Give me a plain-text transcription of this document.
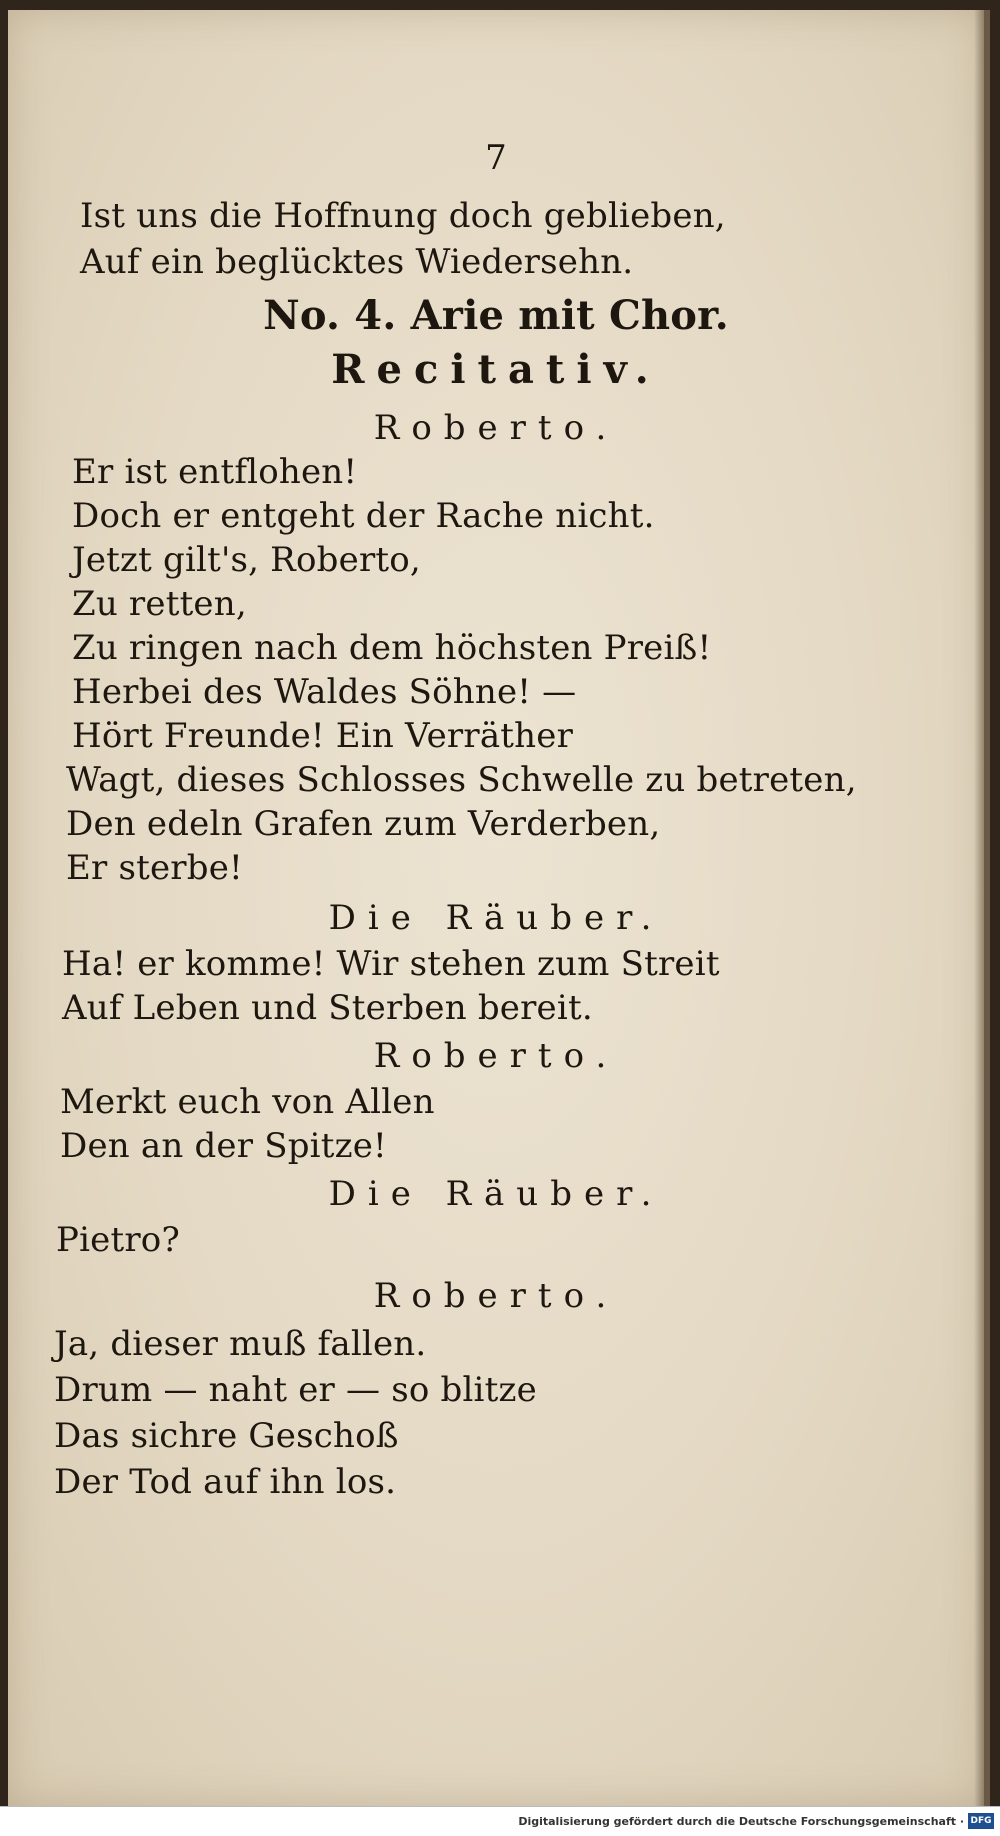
7
Ist uns die Hoffnung doch geblieben,
Auf ein beglücktes Wiedersehn.
No. 4. Arie mit Chor.
Recitativ.
Roberto.
Er ist entflohen!
Doch er entgeht der Rache nicht.
Jetzt gilt's, Roberto,
Zu retten,
Zu ringen nach dem höchsten Preiß!
Herbei des Waldes Söhne! —
Hört Freunde! Ein Verräther
Wagt, dieses Schlosses Schwelle zu betreten,
Den edeln Grafen zum Verderben,
Er sterbe!
Die Räuber.
Ha! er komme! Wir stehen zum Streit
Auf Leben und Sterben bereit.
Roberto.
Merkt euch von Allen
Den an der Spitze!
Die Räuber.
Pietro?
Roberto.
Ja, dieser muß fallen.
Drum — naht er — so blitze
Das sichre Geschoß
Der Tod auf ihn los.
Digitalisierung gefördert durch die Deutsche Forschungsgemeinschaft · DFG
